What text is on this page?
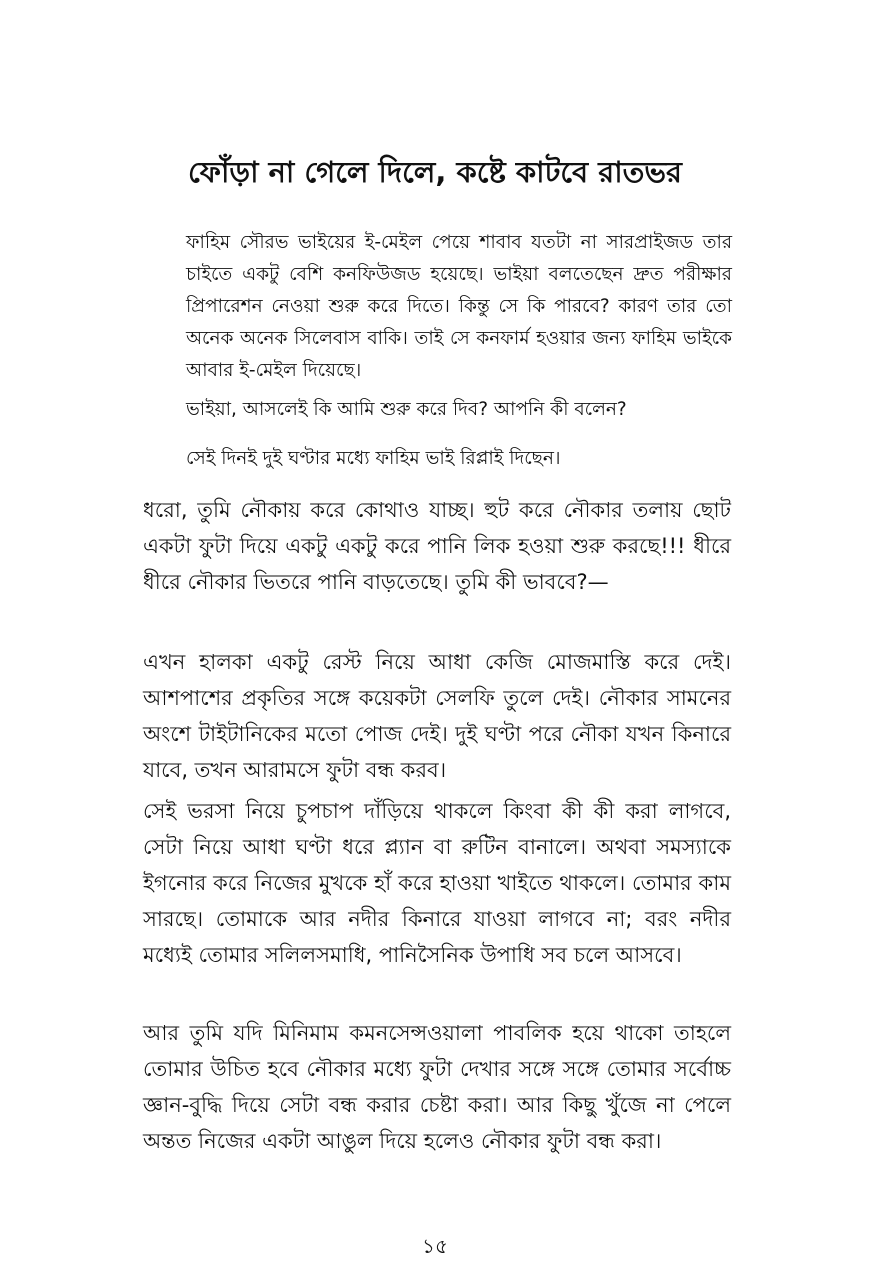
ফোঁড়া না গেলে দিলে, কষ্টে কাটবে রাতভর

ফাহিম সৌরভ ভাইয়ের ই-মেইল পেয়ে শাবাব যতটা না সারপ্রাইজড তার চাইতে একটু বেশি কনফিউজড হয়েছে। ভাইয়া বলতেছেন দ্রুত পরীক্ষার প্রিপারেশন নেওয়া শুরু করে দিতে। কিন্তু সে কি পারবে? কারণ তার তো অনেক অনেক সিলেবাস বাকি। তাই সে কনফার্ম হওয়ার জন্য ফাহিম ভাইকে আবার ই-মেইল দিয়েছে।

ভাইয়া, আসলেই কি আমি শুরু করে দিব? আপনি কী বলেন?

সেই দিনই দুই ঘণ্টার মধ্যে ফাহিম ভাই রিপ্লাই দিছেন।

ধরো, তুমি নৌকায় করে কোথাও যাচ্ছ। হুট করে নৌকার তলায় ছোট একটা ফুটা দিয়ে একটু একটু করে পানি লিক হওয়া শুরু করছে!!! ধীরে ধীরে নৌকার ভিতরে পানি বাড়তেছে। তুমি কী ভাববে?—

এখন হালকা একটু রেস্ট নিয়ে আধা কেজি মোজমাস্তি করে দেই। আশপাশের প্রকৃতির সঙ্গে কয়েকটা সেলফি তুলে দেই। নৌকার সামনের অংশে টাইটানিকের মতো পোজ দেই। দুই ঘণ্টা পরে নৌকা যখন কিনারে যাবে, তখন আরামসে ফুটা বন্ধ করব।

সেই ভরসা নিয়ে চুপচাপ দাঁড়িয়ে থাকলে কিংবা কী কী করা লাগবে, সেটা নিয়ে আধা ঘণ্টা ধরে প্ল্যান বা রুটিন বানালে। অথবা সমস্যাকে ইগনোর করে নিজের মুখকে হাঁ করে হাওয়া খাইতে থাকলে। তোমার কাম সারছে। তোমাকে আর নদীর কিনারে যাওয়া লাগবে না; বরং নদীর মধ্যেই তোমার সলিলসমাধি, পানিসৈনিক উপাধি সব চলে আসবে।

আর তুমি যদি মিনিমাম কমনসেন্সওয়ালা পাবলিক হয়ে থাকো তাহলে তোমার উচিত হবে নৌকার মধ্যে ফুটা দেখার সঙ্গে সঙ্গে তোমার সর্বোচ্চ জ্ঞান-বুদ্ধি দিয়ে সেটা বন্ধ করার চেষ্টা করা। আর কিছু খুঁজে না পেলে অন্তত নিজের একটা আঙুল দিয়ে হলেও নৌকার ফুটা বন্ধ করা।

১৫
